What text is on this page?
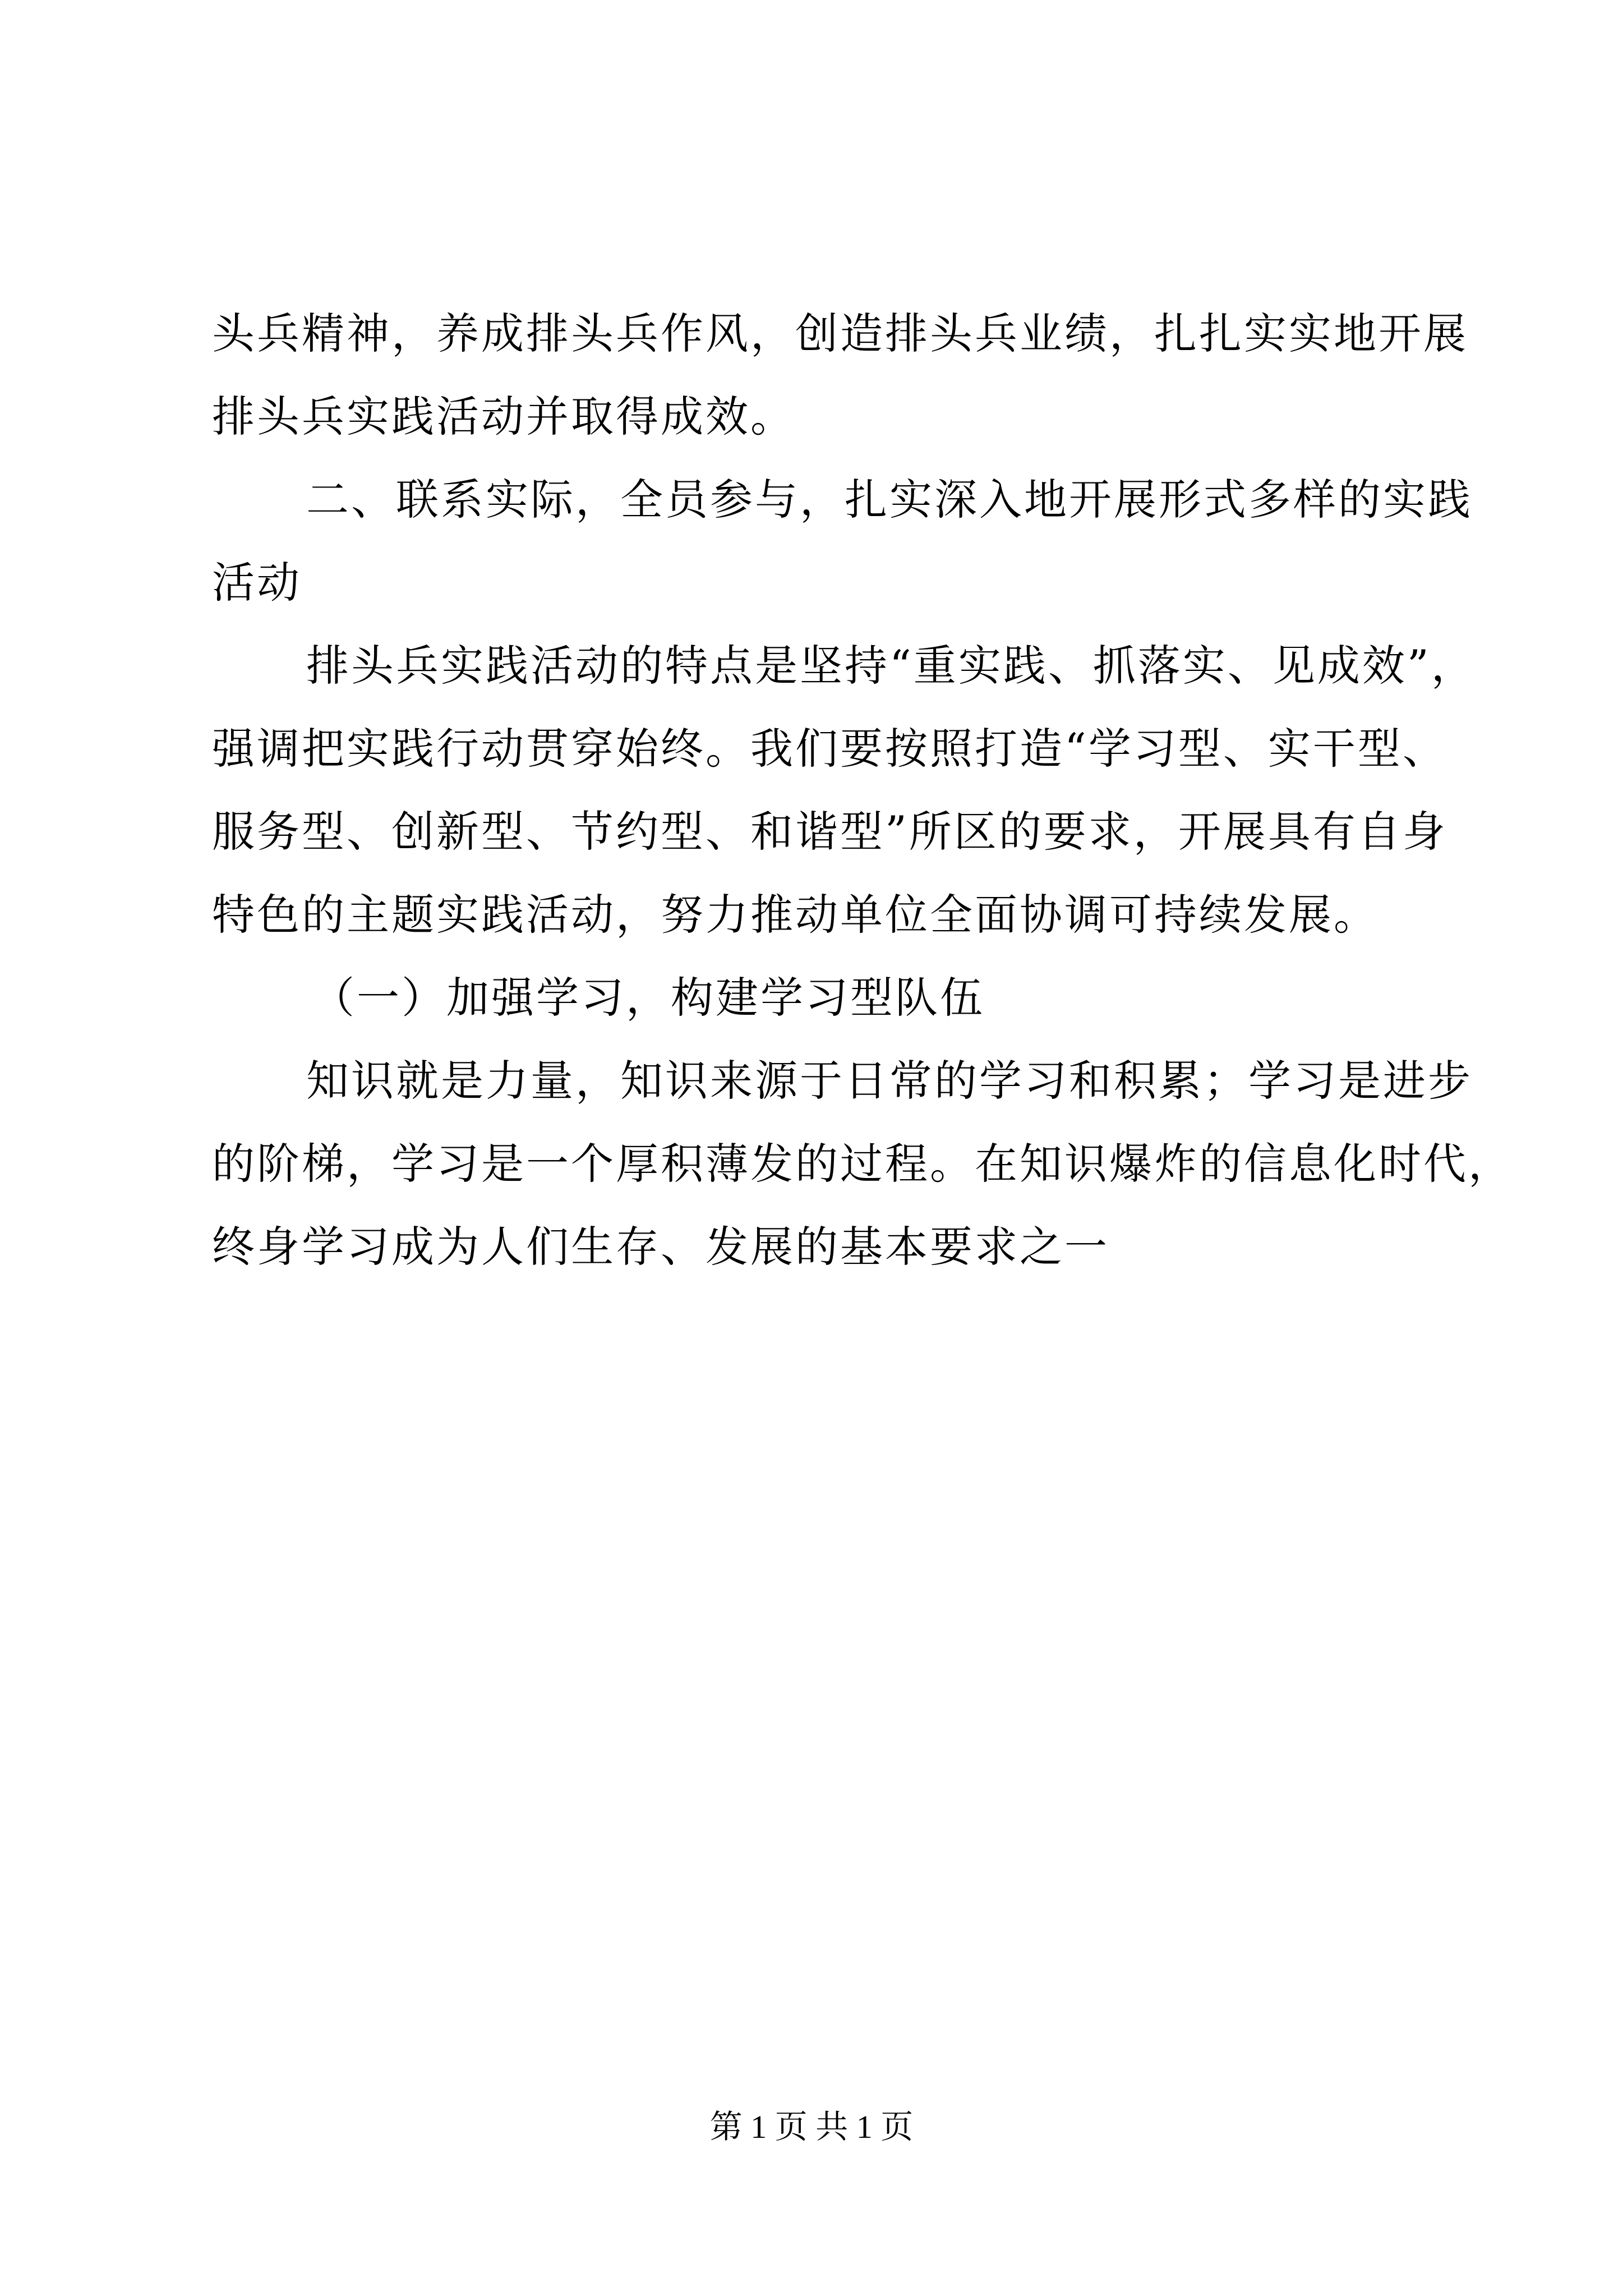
头兵精神，养成排头兵作风，创造排头兵业绩，扎扎实实地开展

排头兵实践活动并取得成效。

二、联系实际，全员参与，扎实深入地开展形式多样的实践

活动

排头兵实践活动的特点是坚持“重实践、抓落实、见成效”，

强调把实践行动贯穿始终。我们要按照打造“学习型、实干型、

服务型、创新型、节约型、和谐型”所区的要求，开展具有自身

特色的主题实践活动，努力推动单位全面协调可持续发展。

（一）加强学习，构建学习型队伍

知识就是力量，知识来源于日常的学习和积累；学习是进步

的阶梯，学习是一个厚积薄发的过程。在知识爆炸的信息化时代，

终身学习成为人们生存、发展的基本要求之一

第 1 页 共 1 页
